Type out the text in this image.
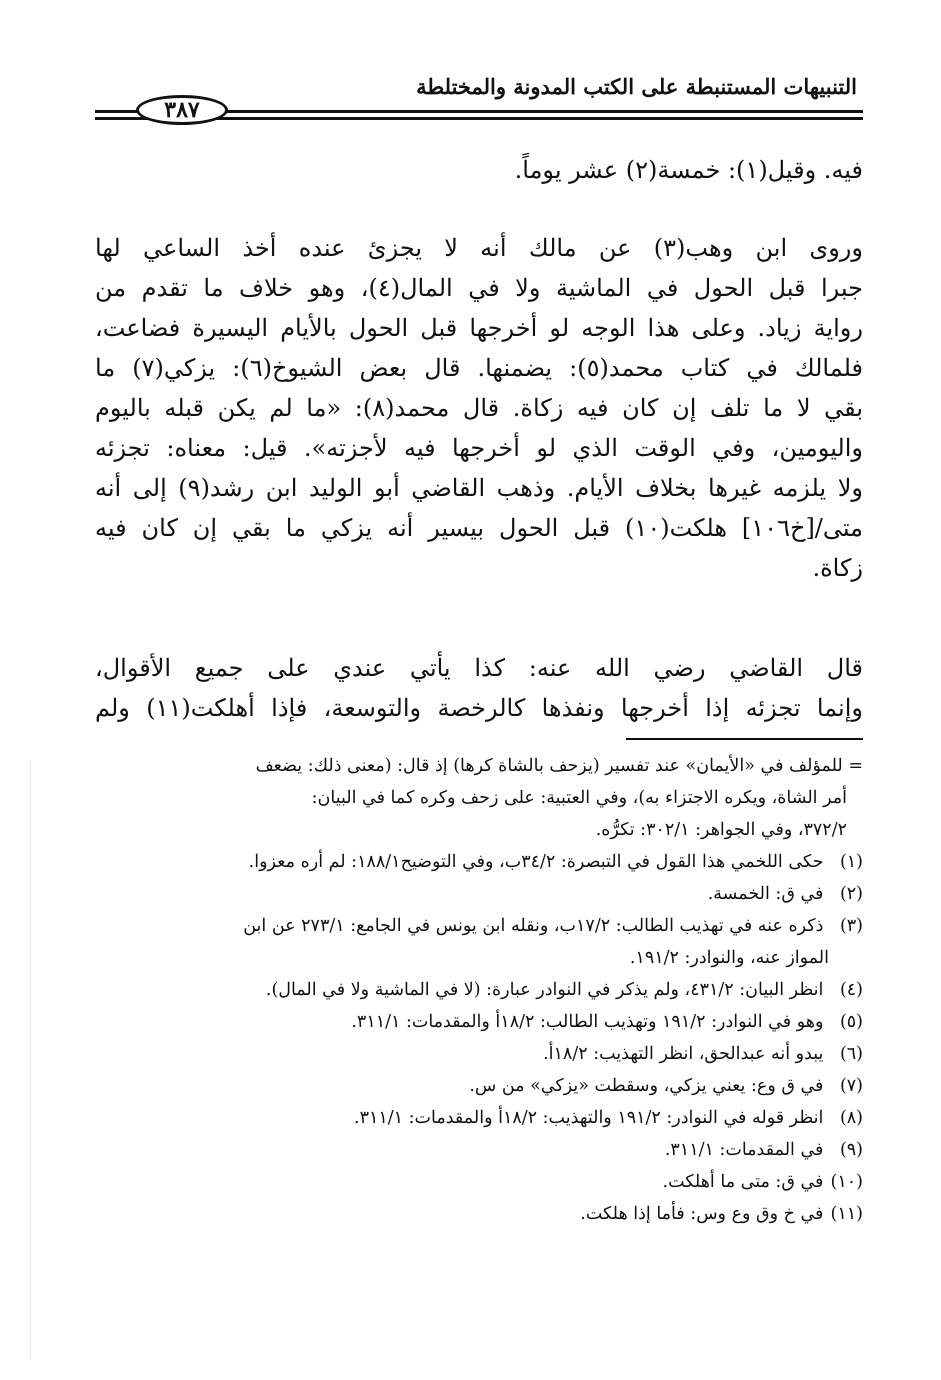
التنبيهات المستنبطة على الكتب المدونة والمختلطة
٣٨٧
فيه. وقيل(١): خمسة(٢) عشر يوماً.
وروى ابن وهب(٣) عن مالك أنه لا يجزئ عنده أخذ الساعي لها
جبرا قبل الحول في الماشية ولا في المال(٤)، وهو خلاف ما تقدم من
رواية زياد. وعلى هذا الوجه لو أخرجها قبل الحول بالأيام اليسيرة فضاعت،
فلمالك في كتاب محمد(٥): يضمنها. قال بعض الشيوخ(٦): يزكي(٧) ما
بقي لا ما تلف إن كان فيه زكاة. قال محمد(٨): «ما لم يكن قبله باليوم
واليومين، وفي الوقت الذي لو أخرجها فيه لأجزته». قيل: معناه: تجزئه
ولا يلزمه غيرها بخلاف الأيام. وذهب القاضي أبو الوليد ابن رشد(٩) إلى أنه
متى/[خ١٠٦] هلكت(١٠) قبل الحول بيسير أنه يزكي ما بقي إن كان فيه
زكاة.
قال القاضي رضي الله عنه: كذا يأتي عندي على جميع الأقوال،
وإنما تجزئه إذا أخرجها ونفذها كالرخصة والتوسعة، فإذا أهلكت(١١) ولم
= للمؤلف في «الأيمان» عند تفسير (يزحف بالشاة كرها) إذ قال: (معنى ذلك: يضعف
أمر الشاة، ويكره الاجتزاء به)، وفي العتبية: على زحف وكره كما في البيان:
٣٧٢/٢، وفي الجواهر: ٣٠٢/١: تكرُّه.
(١) حكى اللخمي هذا القول في التبصرة: ٣٤/٢ب، وفي التوضيح١٨٨/١: لم أره معزوا.
(٢) في ق: الخمسة.
(٣) ذكره عنه في تهذيب الطالب: ١٧/٢ب، ونقله ابن يونس في الجامع: ٢٧٣/١ عن ابن
المواز عنه، والنوادر: ١٩١/٢.
(٤) انظر البيان: ٤٣١/٢، ولم يذكر في النوادر عبارة: (لا في الماشية ولا في المال).
(٥) وهو في النوادر: ١٩١/٢ وتهذيب الطالب: ١٨/٢أ والمقدمات: ٣١١/١.
(٦) يبدو أنه عبدالحق، انظر التهذيب: ١٨/٢أ.
(٧) في ق وع: يعني يزكي، وسقطت «يزكي» من س.
(٨) انظر قوله في النوادر: ١٩١/٢ والتهذيب: ١٨/٢أ والمقدمات: ٣١١/١.
(٩) في المقدمات: ٣١١/١.
(١٠) في ق: متى ما أهلكت.
(١١) في خ وق وع وس: فأما إذا هلكت.
